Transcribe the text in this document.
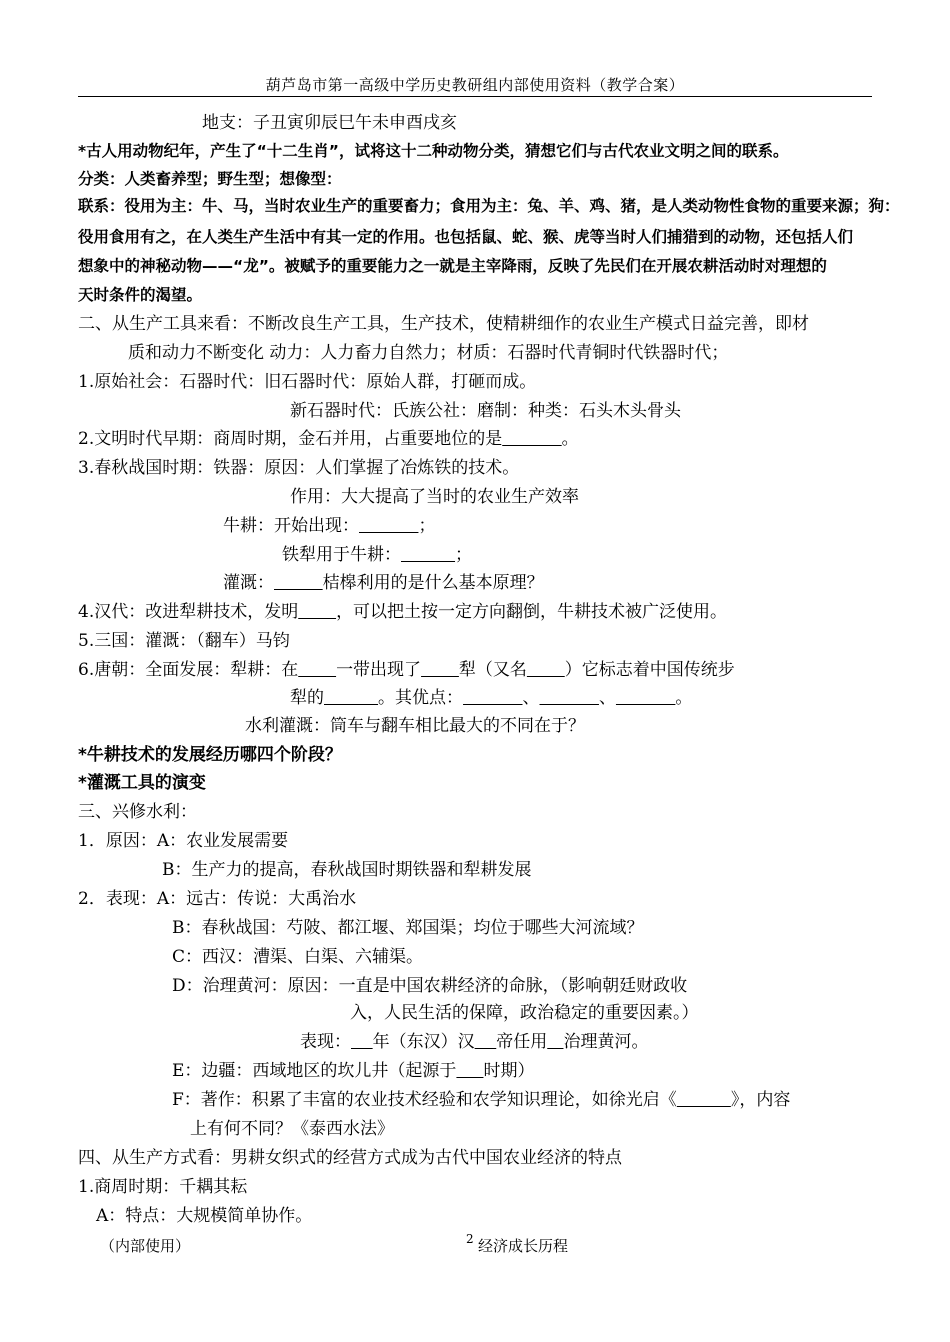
葫芦岛市第一高级中学历史教研组内部使用资料（教学合案）
地支：子丑寅卯辰巳午未申酉戌亥
*古人用动物纪年，产生了“十二生肖”，试将这十二种动物分类，猜想它们与古代农业文明之间的联系。
分类：人类畜养型；野生型；想像型：
联系：役用为主：牛、马，当时农业生产的重要畜力；食用为主：兔、羊、鸡、猪，是人类动物性食物的重要来源；狗：
役用食用有之，在人类生产生活中有其一定的作用。也包括鼠、蛇、猴、虎等当时人们捕猎到的动物，还包括人们
想象中的神秘动物——“龙”。被赋予的重要能力之一就是主宰降雨，反映了先民们在开展农耕活动时对理想的
天时条件的渴望。
二、从生产工具来看：不断改良生产工具，生产技术，使精耕细作的农业生产模式日益完善，即材
质和动力不断变化 动力：人力畜力自然力；材质：石器时代青铜时代铁器时代；
1.原始社会：石器时代：旧石器时代：原始人群，打砸而成。
新石器时代：氏族公社：磨制：种类：石头木头骨头
2.文明时代早期：商周时期，金石并用，占重要地位的是	。
3.春秋战国时期：铁器：原因：人们掌握了冶炼铁的技术。
作用：大大提高了当时的农业生产效率
牛耕：开始出现：	；
铁犁用于牛耕：	；
灌溉：	桔槔利用的是什么基本原理？
4.汉代：改进犁耕技术，发明 ，可以把土按一定方向翻倒，牛耕技术被广泛使用。
5.三国：灌溉：（翻车）马钧
6.唐朝：全面发展：犁耕：在 一带出现了 犁（又名 ）它标志着中国传统步
犁的	。其优点：	、	、	。
水利灌溉：筒车与翻车相比最大的不同在于？
*牛耕技术的发展经历哪四个阶段？
*灌溉工具的演变
三、兴修水利：
1．原因：A：农业发展需要
B：生产力的提高，春秋战国时期铁器和犁耕发展
2．表现：A：远古：传说：大禹治水
B：春秋战国：芍陂、都江堰、郑国渠；均位于哪些大河流域？
C：西汉：漕渠、白渠、六辅渠。
D：治理黄河：原因：一直是中国农耕经济的命脉，（影响朝廷财政收
入，人民生活的保障，政治稳定的重要因素。）
表现： 年（东汉）汉 帝任用 治理黄河。
E：边疆：西域地区的坎儿井（起源于 时期）
F：著作：积累了丰富的农业技术经验和农学知识理论，如徐光启《	》，内容
上有何不同？《泰西水法》
四、从生产方式看：男耕女织式的经营方式成为古代中国农业经济的特点
1.商周时期：千耦其耘
A：特点：大规模简单协作。
（内部使用）	2 经济成长历程
